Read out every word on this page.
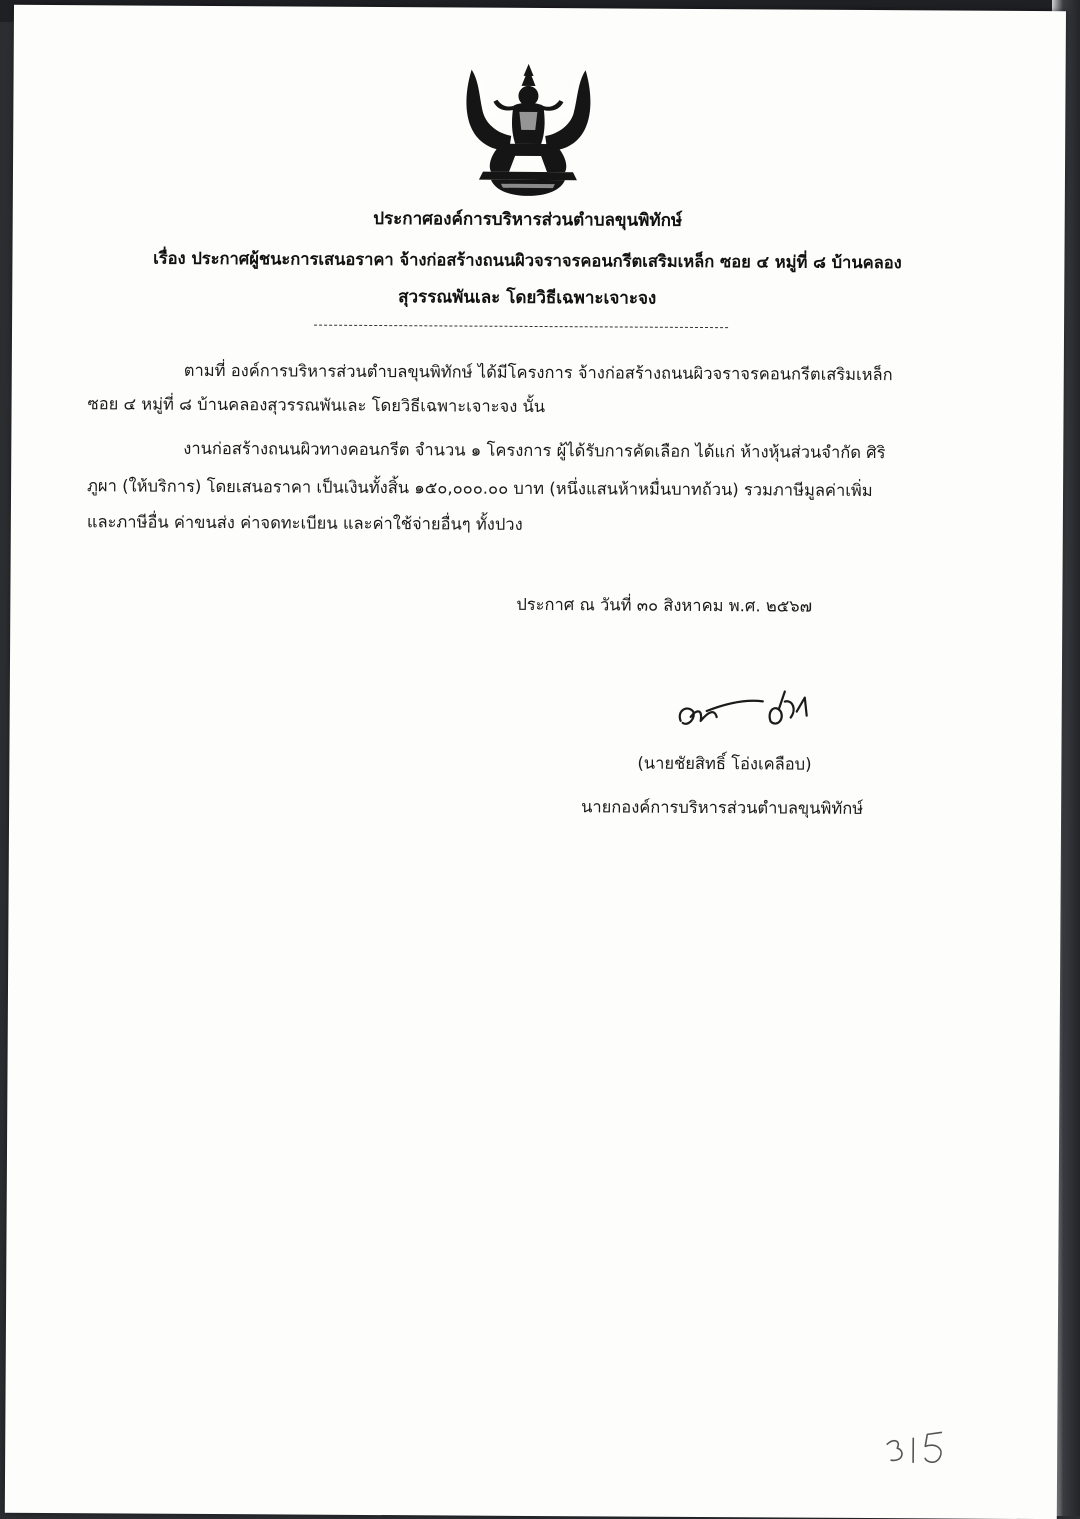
ประกาศองค์การบริหารส่วนตำบลขุนพิทักษ์
เรื่อง ประกาศผู้ชนะการเสนอราคา จ้างก่อสร้างถนนผิวจราจรคอนกรีตเสริมเหล็ก ซอย ๔ หมู่ที่ ๘ บ้านคลอง
สุวรรณพันเละ โดยวิธีเฉพาะเจาะจง
ตามที่ องค์การบริหารส่วนตำบลขุนพิทักษ์ ได้มีโครงการ จ้างก่อสร้างถนนผิวจราจรคอนกรีตเสริมเหล็ก
ซอย ๔ หมู่ที่ ๘ บ้านคลองสุวรรณพันเละ โดยวิธีเฉพาะเจาะจง นั้น
งานก่อสร้างถนนผิวทางคอนกรีต จำนวน ๑ โครงการ ผู้ได้รับการคัดเลือก ได้แก่ ห้างหุ้นส่วนจำกัด ศิริ
ภูผา (ให้บริการ) โดยเสนอราคา เป็นเงินทั้งสิ้น ๑๕๐,๐๐๐.๐๐ บาท (หนึ่งแสนห้าหมื่นบาทถ้วน) รวมภาษีมูลค่าเพิ่ม
และภาษีอื่น ค่าขนส่ง ค่าจดทะเบียน และค่าใช้จ่ายอื่นๆ ทั้งปวง
ประกาศ ณ วันที่ ๓๐ สิงหาคม พ.ศ. ๒๕๖๗
(นายชัยสิทธิ์ โอ่งเคลือบ)
นายกองค์การบริหารส่วนตำบลขุนพิทักษ์
